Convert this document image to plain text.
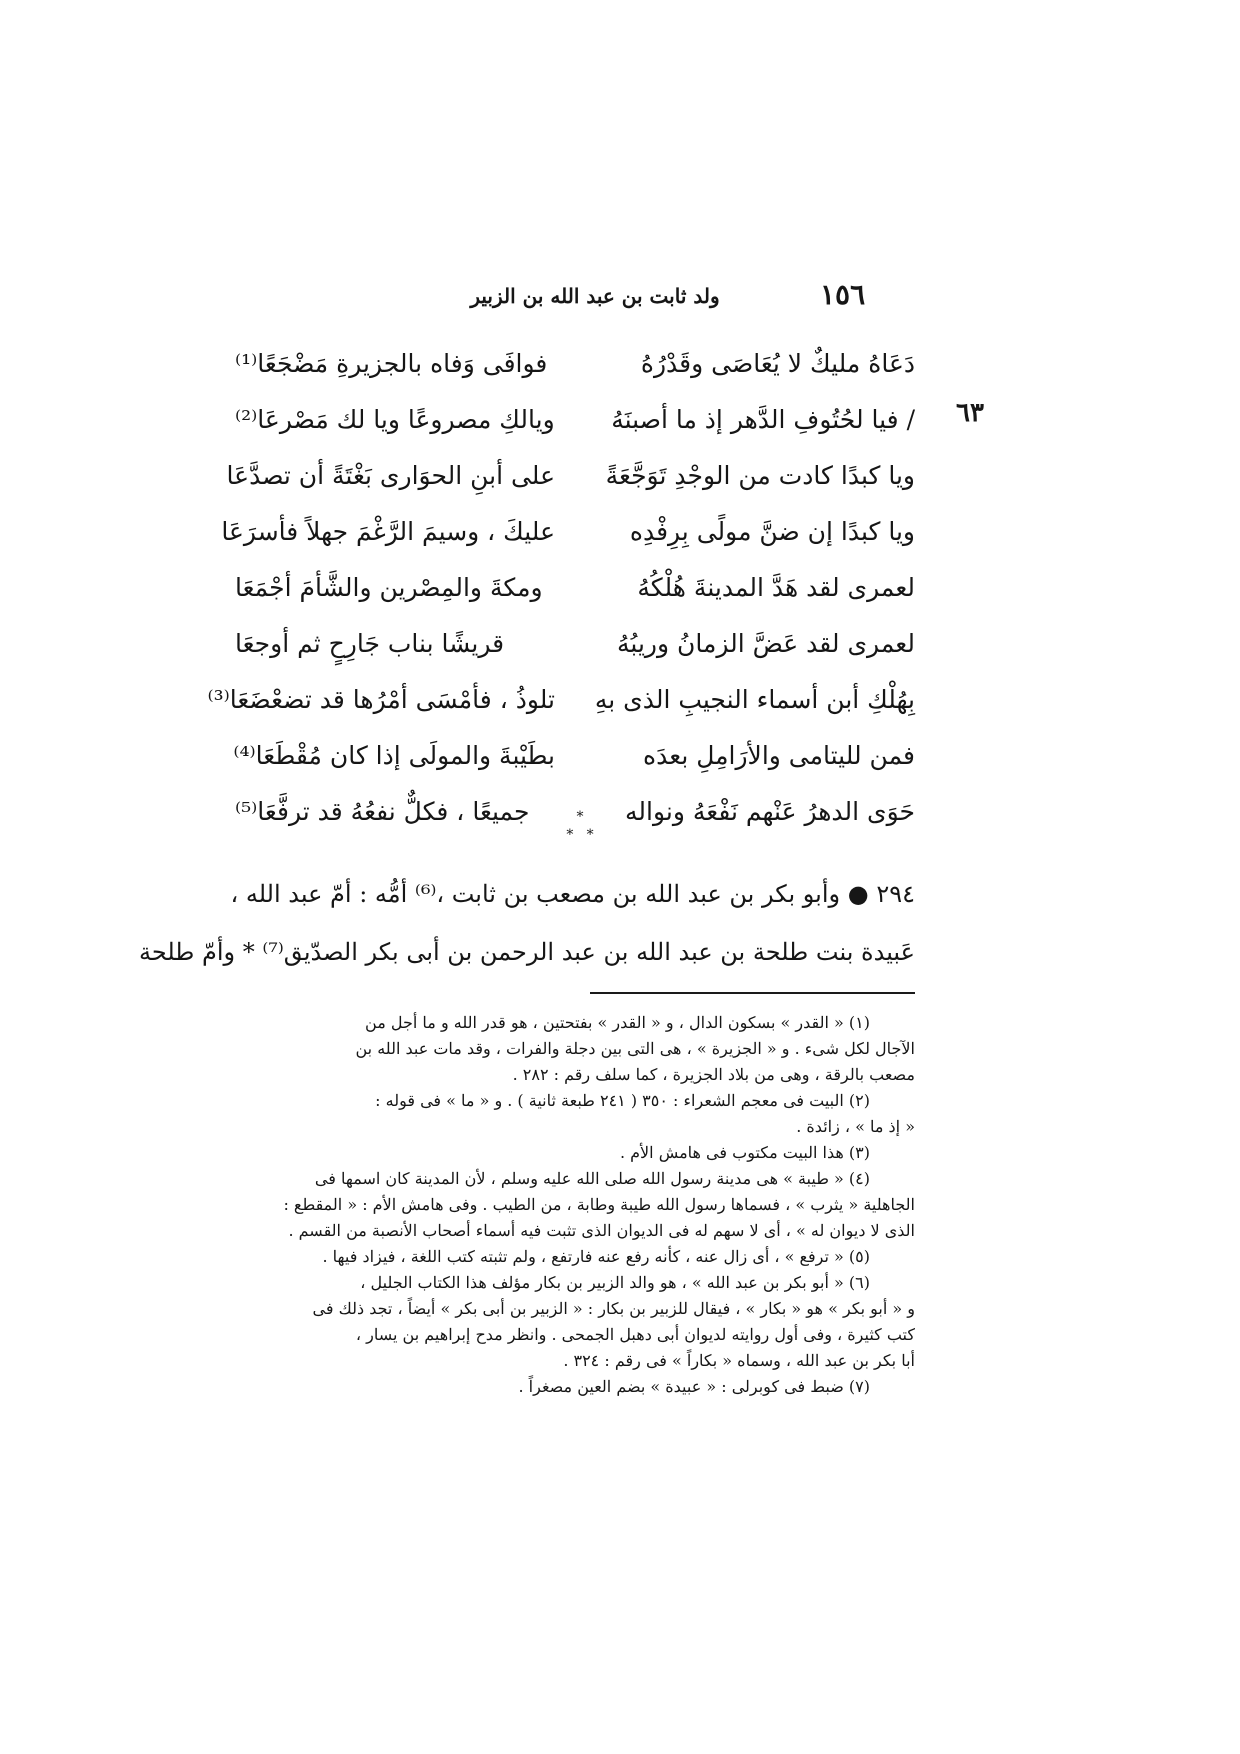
١٥٦
ولد ثابت بن عبد الله بن الزبير
٦٣
دَعَاهُ مليكٌ لا يُعَاصَى وقَدْرُهُ
فوافَى وَفاه بالجزيرةِ مَضْجَعًا⁽¹⁾
/ فيا لحُتُوفِ الدَّهر إذ ما أصبنَهُ
ويالكِ مصروعًا ويا لك مَصْرعَا⁽²⁾
ويا كبدًا كادت من الوجْدِ تَوَجَّعَةً
على أبنِ الحوَارى بَغْتَةً أن تصدَّعَا
ويا كبدًا إن ضنَّ مولًى بِرِفْدِه
عليكَ ، وسيمَ الرَّغْمَ جهلاً فأسرَعَا
لعمرى لقد هَدَّ المدينةَ هُلْكُهُ
ومكةَ والمِصْرين والشَّأمَ أجْمَعَا
لعمرى لقد عَضَّ الزمانُ وريبُهُ
قريشًا بناب جَارِحٍ ثم أوجعَا
بِهُلْكِ أبن أسماء النجيبِ الذى بهِ
تلوذُ ، فأمْسَى أمْرُها قد تضعْضَعَا⁽³⁾
فمن لليتامى والأرَامِلِ بعدَه
بطَيْبةَ والمولَى إذا كان مُقْطَعَا⁽⁴⁾
حَوَى الدهرُ عَنْهم نَفْعَهُ ونواله
جميعًا ، فكلٌّ نفعُهُ قد ترفَّعَا⁽⁵⁾	*
*   *
٢٩٤ ● وأبو بكر بن عبد الله بن مصعب بن ثابت ،⁽⁶⁾ أمُّه : أمّ عبد الله ،
عَبيدة بنت طلحة بن عبد الله بن عبد الرحمن بن أبى بكر الصدّيق⁽⁷⁾ * وأمّ طلحة
(١) « القدر » بسكون الدال ، و « القدر » بفتحتين ، هو قدر الله و ما أجل من
الآجال لكل شىء . و « الجزيرة » ، هى التى بين دجلة والفرات ، وقد مات عبد الله بن
مصعب بالرقة ، وهى من بلاد الجزيرة ، كما سلف رقم : ٢٨٢ .
(٢) البيت فى معجم الشعراء : ٣٥٠ ( ٢٤١ طبعة ثانية ) . و « ما » فى قوله :
« إذ ما » ، زائدة .
(٣) هذا البيت مكتوب فى هامش الأم .
(٤) « طيبة » هى مدينة رسول الله صلى الله عليه وسلم ، لأن المدينة كان اسمها فى
الجاهلية « يثرب » ، فسماها رسول الله طيبة وطابة ، من الطيب . وفى هامش الأم : « المقطع :
الذى لا ديوان له » ، أى لا سهم له فى الديوان الذى تثبت فيه أسماء أصحاب الأنصبة من القسم .
(٥) « ترفع » ، أى زال عنه ، كأنه رفع عنه فارتفع ، ولم تثبته كتب اللغة ، فيزاد فيها .
(٦) « أبو بكر بن عبد الله » ، هو والد الزبير بن بكار مؤلف هذا الكتاب الجليل ،
و « أبو بكر » هو « بكار » ، فيقال للزبير بن بكار : « الزبير بن أبى بكر » أيضاً ، تجد ذلك فى
كتب كثيرة ، وفى أول روايته لديوان أبى دهبل الجمحى . وانظر مدح إبراهيم بن يسار ،
أبا بكر بن عبد الله ، وسماه « بكاراً » فى رقم : ٣٢٤ .
(٧) ضبط فى كوبرلى : « عبيدة » بضم العين مصغراً .
